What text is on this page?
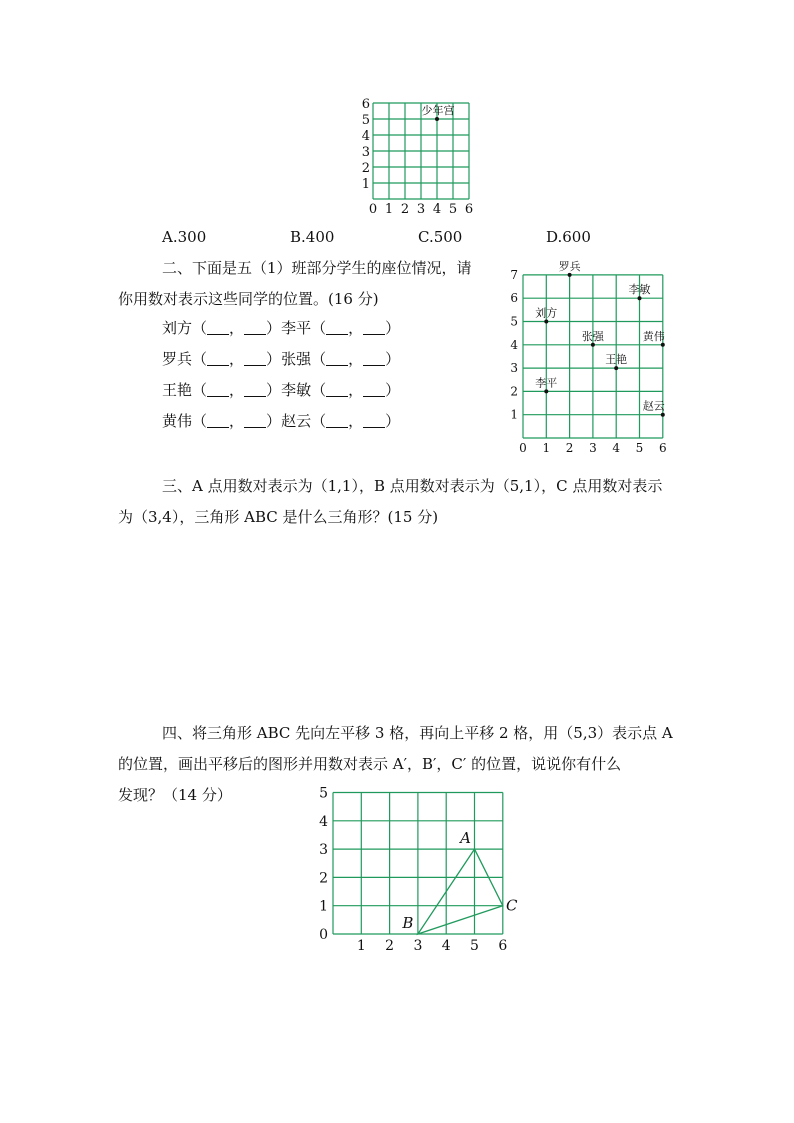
0 1 2 3 4 5 6
1
2
3
4
5
6	少年宫
A.300	B.400	C.500	D.600
二、下面是五（1）班部分学生的座位情况，请
你用数对表示这些同学的位置。(16 分)
刘方（ ， ）李平（ ， ）
罗兵（ ， ）张强（ ， ）
王艳（ ， ）李敏（ ， ）
黄伟（ ， ）赵云（ ， ）
0 1 2 3 4 5 6
1
2
3
4
5
6
7
罗兵
李敏
刘方
张强	黄伟
王艳
李平
赵云
三、A 点用数对表示为（1,1），B 点用数对表示为（5,1），C 点用数对表示
为（3,4），三角形 ABC 是什么三角形？(15 分)
四、将三角形 ABC 先向左平移 3 格，再向上平移 2 格，用（5,3）表示点 A
的位置，画出平移后的图形并用数对表示 A′，B′，C′ 的位置，说说你有什么
发现？（14 分）
1 2 3 4 5 6
0
1
2
3
4
5
A
B
C
